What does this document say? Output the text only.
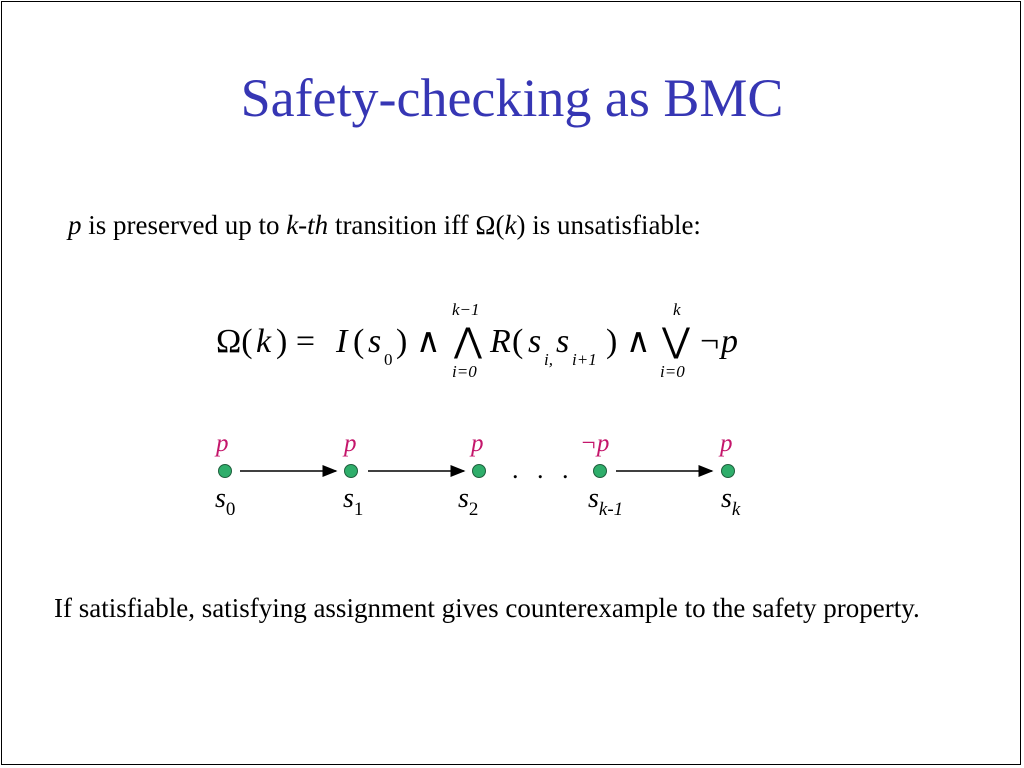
Safety-checking as BMC
p is preserved up to k-th transition iff Ω(k) is unsatisfiable:
Ω( k ) = I ( s 0 ) ∧
k−1
⋀
i=0
R ( s i, s i+1 ) ∧
k
⋁
i=0
¬p
p
$s_0$
p
$s_1$
p
$s_2$
. . .
¬p
$s_{k-1}$
p
$s_k$
If satisfiable, satisfying assignment gives counterexample to the safety property.
